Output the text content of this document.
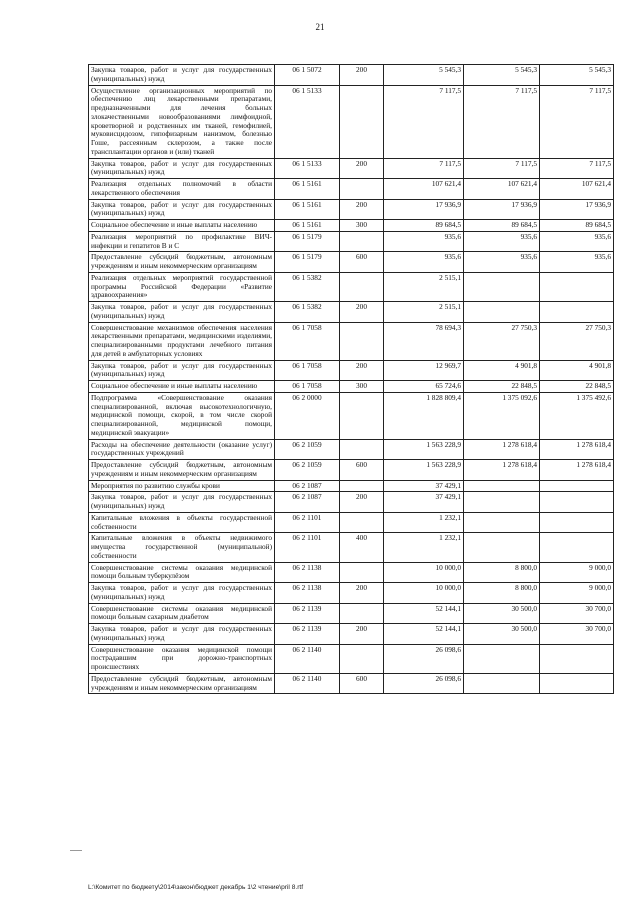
21
Закупка товаров, работ и услуг для государственных (муниципальных) нужд	06 1 5072	200	5 545,3	5 545,3	5 545,3
Осуществление организационных мероприятий по обеспечению лиц лекарственными препаратами, предназначенными для лечения больных злокачественными новообразованиями лимфоидной, кроветворной и родственных им тканей, гемофилией, муковисцидозом, гипофизарным нанизмом, болезнью Гоше, рассеянным склерозом, а также после трансплантации органов и (или) тканей	06 1 5133		7 117,5	7 117,5	7 117,5
Закупка товаров, работ и услуг для государственных (муниципальных) нужд	06 1 5133	200	7 117,5	7 117,5	7 117,5
Реализация отдельных полномочий в области лекарственного обеспечения	06 1 5161		107 621,4	107 621,4	107 621,4
Закупка товаров, работ и услуг для государственных (муниципальных) нужд	06 1 5161	200	17 936,9	17 936,9	17 936,9
Социальное обеспечение и иные выплаты населению	06 1 5161	300	89 684,5	89 684,5	89 684,5
Реализация мероприятий по профилактике ВИЧ-инфекции и гепатитов В и С	06 1 5179		935,6	935,6	935,6
Предоставление субсидий бюджетным, автономным учреждениям и иным некоммерческим организациям	06 1 5179	600	935,6	935,6	935,6
Реализация отдельных мероприятий государственной программы Российской Федерации «Развитие здравоохранения»	06 1 5382		2 515,1		
Закупка товаров, работ и услуг для государственных (муниципальных) нужд	06 1 5382	200	2 515,1		
Совершенствование механизмов обеспечения населения лекарственными препаратами, медицинскими изделиями, специализированными продуктами лечебного питания для детей в амбулаторных условиях	06 1 7058		78 694,3	27 750,3	27 750,3
Закупка товаров, работ и услуг для государственных (муниципальных) нужд	06 1 7058	200	12 969,7	4 901,8	4 901,8
Социальное обеспечение и иные выплаты населению	06 1 7058	300	65 724,6	22 848,5	22 848,5
Подпрограмма «Совершенствование оказания специализированной, включая высокотехнологичную, медицинской помощи, скорой, в том числе скорой специализированной, медицинской помощи, медицинской эвакуации»	06 2 0000		1 828 809,4	1 375 092,6	1 375 492,6
Расходы на обеспечение деятельности (оказание услуг) государственных учреждений	06 2 1059		1 563 228,9	1 278 618,4	1 278 618,4
Предоставление субсидий бюджетным, автономным учреждениям и иным некоммерческим организациям	06 2 1059	600	1 563 228,9	1 278 618,4	1 278 618,4
Мероприятия по развитию службы крови	06 2 1087		37 429,1		
Закупка товаров, работ и услуг для государственных (муниципальных) нужд	06 2 1087	200	37 429,1		
Капитальные вложения в объекты государственной собственности	06 2 1101		1 232,1		
Капитальные вложения в объекты недвижимого имущества государственной (муниципальной) собственности	06 2 1101	400	1 232,1		
Совершенствование системы оказания медицинской помощи больным туберкулёзом	06 2 1138		10 000,0	8 800,0	9 000,0
Закупка товаров, работ и услуг для государственных (муниципальных) нужд	06 2 1138	200	10 000,0	8 800,0	9 000,0
Совершенствование системы оказания медицинской помощи больным сахарным диабетом	06 2 1139		52 144,1	30 500,0	30 700,0
Закупка товаров, работ и услуг для государственных (муниципальных) нужд	06 2 1139	200	52 144,1	30 500,0	30 700,0
Совершенствование оказания медицинской помощи пострадавшим при дорожно-транспортных происшествиях	06 2 1140		26 098,6		
Предоставление субсидий бюджетным, автономным учреждениям и иным некоммерческим организациям	06 2 1140	600	26 098,6		
L:\Комитет по бюджету\2014\закон\бюджет декабрь 1\2 чтение\pril 8.rtf
